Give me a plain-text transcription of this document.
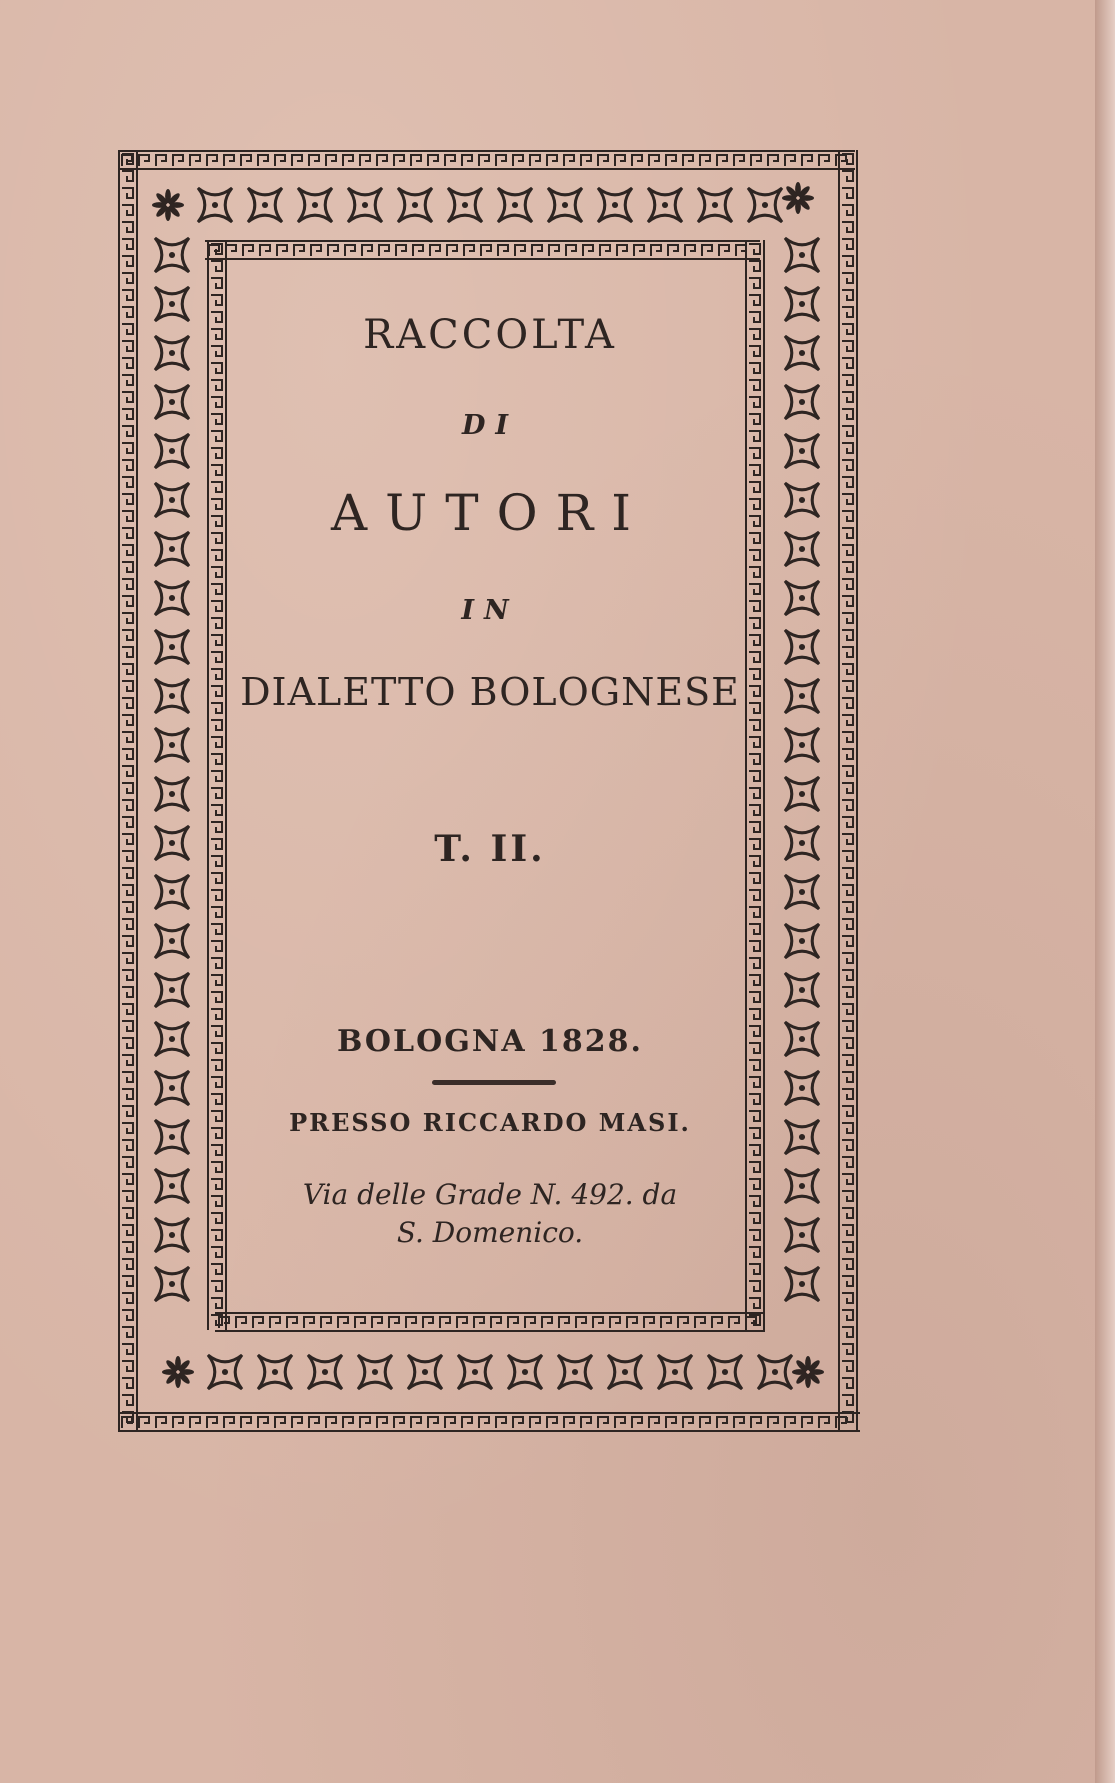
RACCOLTA
DI
AUTORI
IN
DIALETTO BOLOGNESE
T. II.
BOLOGNA 1828.
PRESSO RICCARDO MASI.
Via delle Grade N. 492. da
S. Domenico.
